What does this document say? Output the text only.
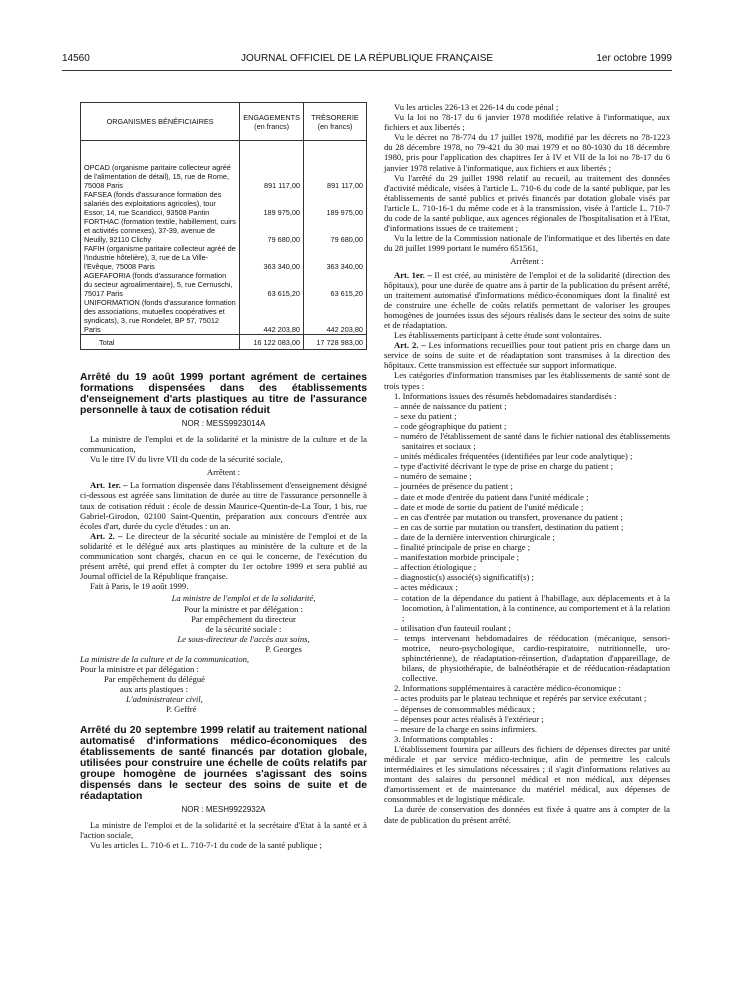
14560	JOURNAL OFFICIEL DE LA RÉPUBLIQUE FRANÇAISE	1er octobre 1999
ORGANISMES BÉNÉFICIAIRES	ENGAGEMENTS (en francs)	TRÉSORERIE (en francs)

OPCAD (organisme paritaire collecteur agréé de l'alimentation de détail), 15, rue de Rome, 75008 Paris	891 117,00	891 117,00
FAFSEA (fonds d'assurance formation des salariés des exploitations agricoles), tour Essor, 14, rue Scandicci, 93508 Pantin	189 975,00	189 975,00
FORTHAC (formation textile, habillement, cuirs et activités connexes), 37-39, avenue de Neuilly, 92110 Clichy	79 680,00	79 680,00
FAFIH (organisme paritaire collecteur agréé de l'industrie hôtelière), 3, rue de La Ville-l'Evêque, 75008 Paris	363 340,00	363 340,00
AGEFAFORIA (fonds d'assurance formation du secteur agroalimentaire), 5, rue Cernuschi, 75017 Paris	63 615,20	63 615,20
UNIFORMATION (fonds d'assurance formation des associations, mutuelles coopératives et syndicats), 3, rue Rondelet, BP 57, 75012 Paris	442 203,80	442 203,80
Total	16 122 083,00	17 728 983,00

Arrêté du 19 août 1999 portant agrément de certaines formations dispensées dans des établissements d'enseignement d'arts plastiques au titre de l'assurance personnelle à taux de cotisation réduit

NOR : MESS9923014A

La ministre de l'emploi et de la solidarité et la ministre de la culture et de la communication,

Vu le titre IV du livre VII du code de la sécurité sociale,

Arrêtent :

Art. 1er. – La formation dispensée dans l'établissement d'enseignement désigné ci-dessous est agréée sans limitation de durée au titre de l'assurance personnelle à taux de cotisation réduit : école de dessin Maurice-Quentin-de-La Tour, 1 bis, rue Gabriel-Girodon, 02100 Saint-Quentin, préparation aux concours d'entrée aux écoles d'art, durée du cycle d'études : un an.

Art. 2. – Le directeur de la sécurité sociale au ministère de l'emploi et de la solidarité et le délégué aux arts plastiques au ministère de la culture et de la communication sont chargés, chacun en ce qui le concerne, de l'exécution du présent arrêté, qui prend effet à compter du 1er octobre 1999 et sera publié au Journal officiel de la République française.

Fait à Paris, le 19 août 1999.

La ministre de l'emploi et de la solidarité,

Pour la ministre et par délégation :

Par empêchement du directeur

de la sécurité sociale :

Le sous-directeur de l'accès aux soins,

P. Georges

La ministre de la culture et de la communication,

Pour la ministre et par délégation :

Par empêchement du délégué

aux arts plastiques :

L'administrateur civil,

P. Geffré

Arrêté du 20 septembre 1999 relatif au traitement national automatisé d'informations médico-économiques des établissements de santé financés par dotation globale, utilisées pour construire une échelle de coûts relatifs par groupe homogène de journées s'agissant des soins dispensés dans le secteur des soins de suite et de réadaptation

NOR : MESH9922932A

La ministre de l'emploi et de la solidarité et la secrétaire d'Etat à la santé et à l'action sociale,

Vu les articles L. 710-6 et L. 710-7-1 du code de la santé publique ;

Vu les articles 226-13 et 226-14 du code pénal ;

Vu la loi no 78-17 du 6 janvier 1978 modifiée relative à l'informatique, aux fichiers et aux libertés ;

Vu le décret no 78-774 du 17 juillet 1978, modifié par les décrets no 78-1223 du 28 décembre 1978, no 79-421 du 30 mai 1979 et no 80-1030 du 18 décembre 1980, pris pour l'application des chapitres Ier à IV et VII de la loi no 78-17 du 6 janvier 1978 relative à l'informatique, aux fichiers et aux libertés ;

Vu l'arrêté du 29 juillet 1998 relatif au recueil, au traitement des données d'activité médicale, visées à l'article L. 710-6 du code de la santé publique, par les établissements de santé publics et privés financés par dotation globale visés par l'article L. 710-16-1 du même code et à la transmission, visée à l'article L. 710-7 du code de la santé publique, aux agences régionales de l'hospitalisation et à l'Etat, d'informations issues de ce traitement ;

Vu la lettre de la Commission nationale de l'informatique et des libertés en date du 28 juillet 1999 portant le numéro 651561,

Arrêtent :

Art. 1er. – Il est créé, au ministère de l'emploi et de la solidarité (direction des hôpitaux), pour une durée de quatre ans à partir de la publication du présent arrêté, un traitement automatisé d'informations médico-économiques dont la finalité est de construire une échelle de coûts relatifs permettant de valoriser les groupes homogènes de journées issus des séjours réalisés dans le secteur des soins de suite et de réadaptation.

Les établissements participant à cette étude sont volontaires.

Art. 2. – Les informations recueillies pour tout patient pris en charge dans un service de soins de suite et de réadaptation sont transmises à la direction des hôpitaux. Cette transmission est effectuée sur support informatique.

Les catégories d'information transmises par les établissements de santé sont de trois types :

1. Informations issues des résumés hebdomadaires standardisés :

– année de naissance du patient ;
– sexe du patient ;
– code géographique du patient ;
– numéro de l'établissement de santé dans le fichier national des établissements sanitaires et sociaux ;
– unités médicales fréquentées (identifiées par leur code analytique) ;
– type d'activité décrivant le type de prise en charge du patient ;
– numéro de semaine ;
– journées de présence du patient ;
– date et mode d'entrée du patient dans l'unité médicale ;
– date et mode de sortie du patient de l'unité médicale ;
– en cas d'entrée par mutation ou transfert, provenance du patient ;
– en cas de sortie par mutation ou transfert, destination du patient ;
– date de la dernière intervention chirurgicale ;
– finalité principale de prise en charge ;
– manifestation morbide principale ;
– affection étiologique ;
– diagnostic(s) associé(s) significatif(s) ;
– actes médicaux ;
– cotation de la dépendance du patient à l'habillage, aux déplacements et à la locomotion, à l'alimentation, à la continence, au comportement et à la relation ;
– utilisation d'un fauteuil roulant ;
– temps intervenant hebdomadaires de rééducation (mécanique, sensori-motrice, neuro-psychologique, cardio-respiratoire, nutritionnelle, uro-sphinctérienne), de réadaptation-réinsertion, d'adaptation d'appareillage, de bilans, de physiothérapie, de balnéothérapie et de rééducation-réadaptation collective.

2. Informations supplémentaires à caractère médico-économique :

– actes produits par le plateau technique et repérés par service exécutant ;
– dépenses de consommables médicaux ;
– dépenses pour actes réalisés à l'extérieur ;
– mesure de la charge en soins infirmiers.

3. Informations comptables :

L'établissement fournira par ailleurs des fichiers de dépenses directes par unité médicale et par service médico-technique, afin de permettre les calculs intermédiaires et les simulations nécessaires ; il s'agit d'informations relatives au montant des salaires du personnel médical et non médical, aux dépenses d'amortissement et de maintenance du matériel médical, aux dépenses de consommables et de logistique médicale.

La durée de conservation des données est fixée à quatre ans à compter de la date de publication du présent arrêté.
